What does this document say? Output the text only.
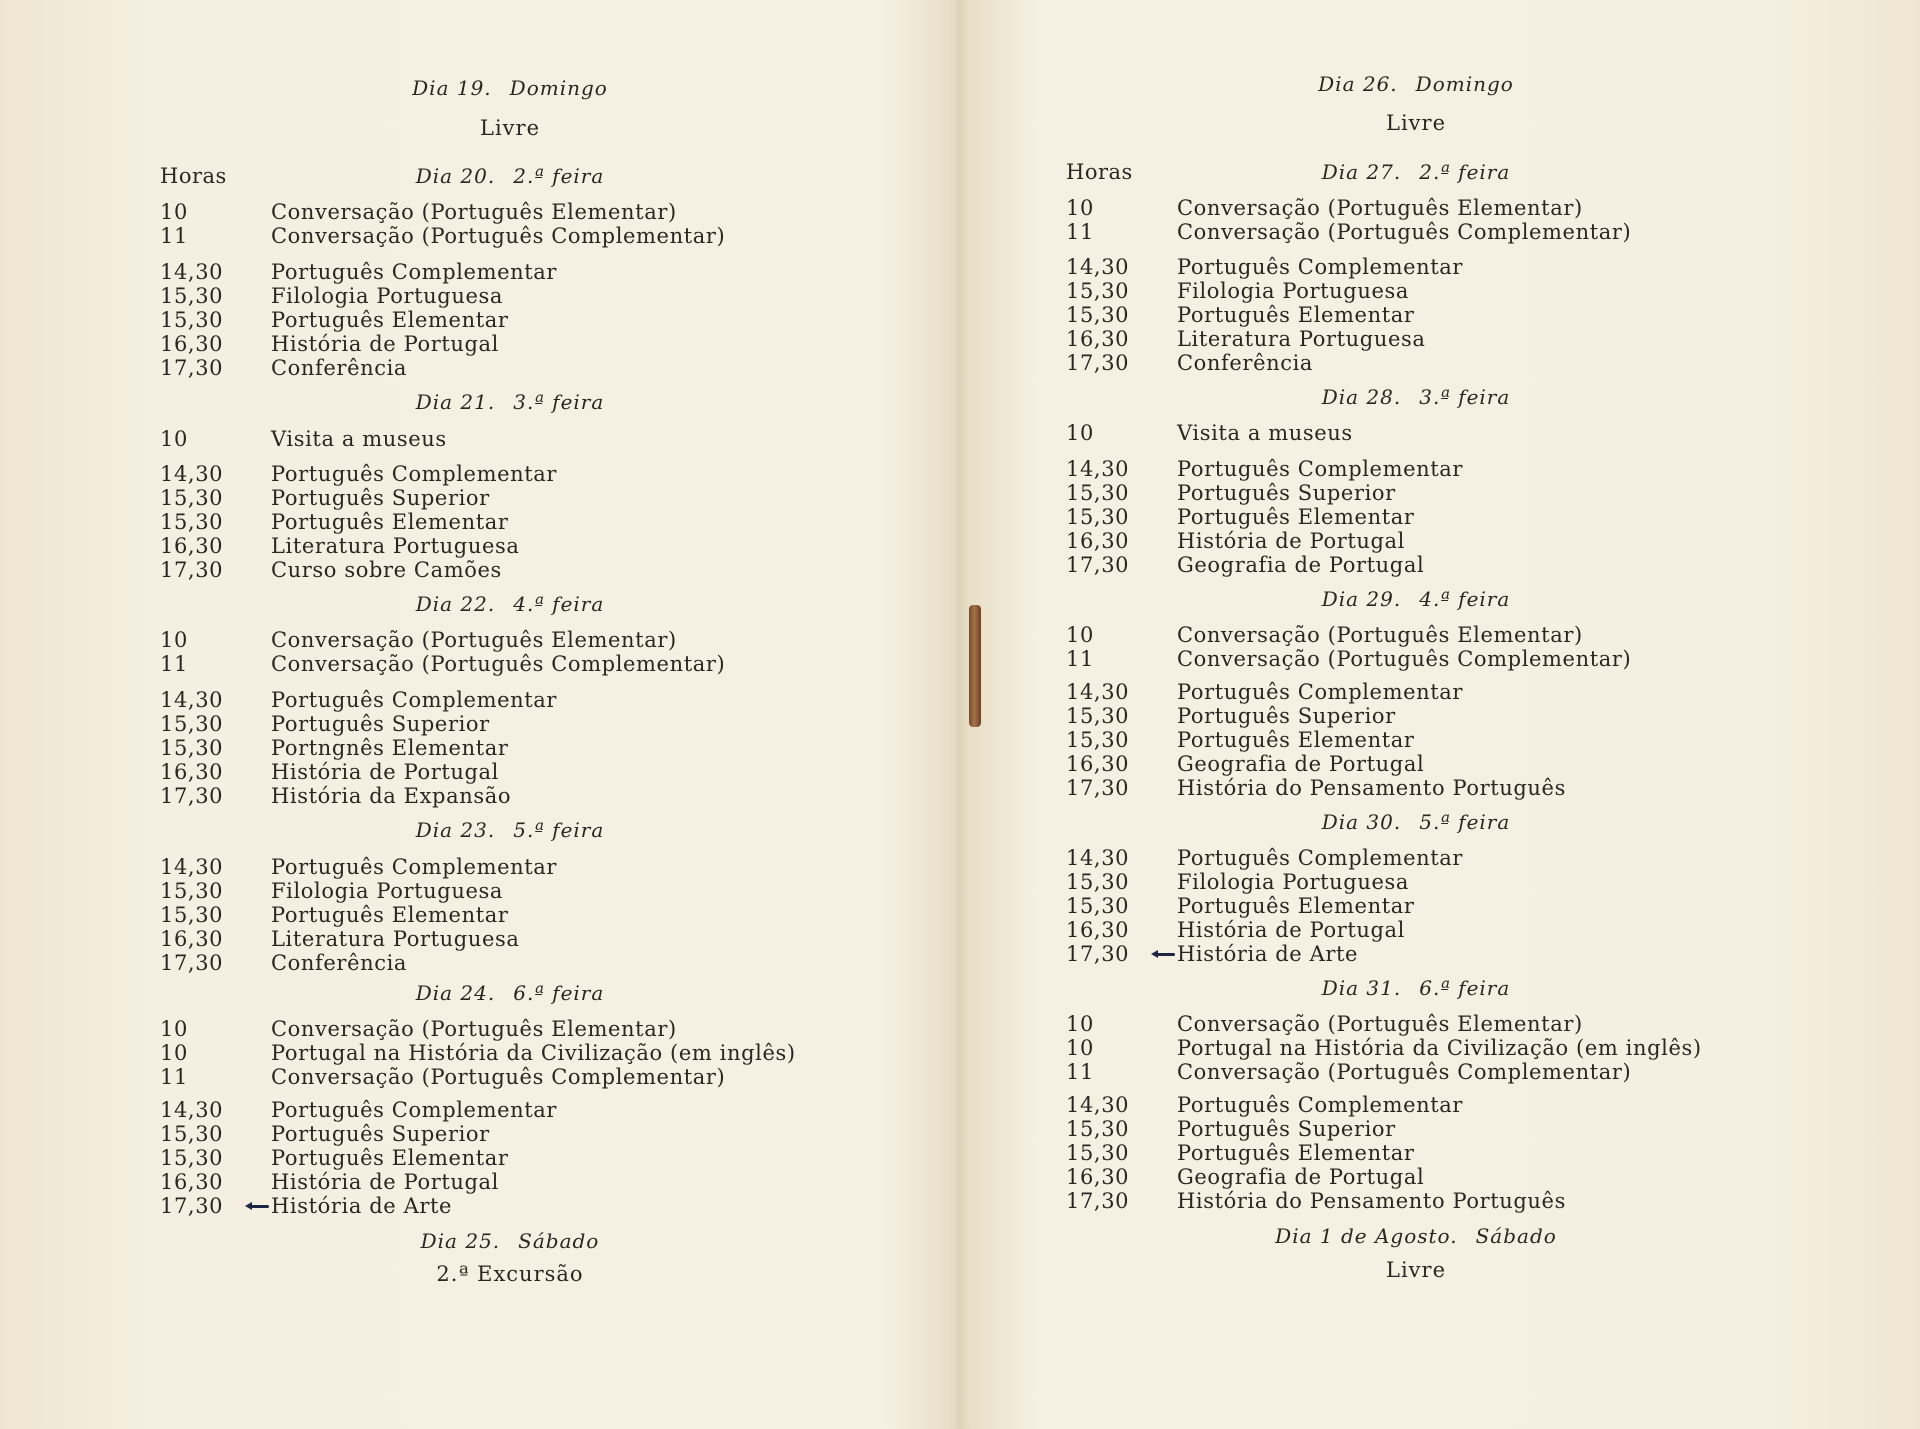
Dia 19. Domingo
Livre
Horas	Dia 20. 2.ª feira
10	Conversação (Português Elementar)
11	Conversação (Português Complementar)
14,30	Português Complementar
15,30	Filologia Portuguesa
15,30	Português Elementar
16,30	História de Portugal
17,30	Conferência
Dia 21. 3.ª feira
10	Visita a museus
14,30	Português Complementar
15,30	Português Superior
15,30	Português Elementar
16,30	Literatura Portuguesa
17,30	Curso sobre Camões
Dia 22. 4.ª feira
10	Conversação (Português Elementar)
11	Conversação (Português Complementar)
14,30	Português Complementar
15,30	Português Superior
15,30	Portngnês Elementar
16,30	História de Portugal
17,30	História da Expansão
Dia 23. 5.ª feira
14,30	Português Complementar
15,30	Filologia Portuguesa
15,30	Português Elementar
16,30	Literatura Portuguesa
17,30	Conferência
Dia 24. 6.ª feira
10	Conversação (Português Elementar)
10	Portugal na História da Civilização (em inglês)
11	Conversação (Português Complementar)
14,30	Português Complementar
15,30	Português Superior
15,30	Português Elementar
16,30	História de Portugal
17,30	História de Arte
Dia 25. Sábado
2.ª Excursão
Dia 26. Domingo
Livre
Horas	Dia 27. 2.ª feira
10	Conversação (Português Elementar)
11	Conversação (Português Complementar)
14,30	Português Complementar
15,30	Filologia Portuguesa
15,30	Português Elementar
16,30	Literatura Portuguesa
17,30	Conferência
Dia 28. 3.ª feira
10	Visita a museus
14,30	Português Complementar
15,30	Português Superior
15,30	Português Elementar
16,30	História de Portugal
17,30	Geografia de Portugal
Dia 29. 4.ª feira
10	Conversação (Português Elementar)
11	Conversação (Português Complementar)
14,30	Português Complementar
15,30	Português Superior
15,30	Português Elementar
16,30	Geografia de Portugal
17,30	História do Pensamento Português
Dia 30. 5.ª feira
14,30	Português Complementar
15,30	Filologia Portuguesa
15,30	Português Elementar
16,30	História de Portugal
17,30	História de Arte
Dia 31. 6.ª feira
10	Conversação (Português Elementar)
10	Portugal na História da Civilização (em inglês)
11	Conversação (Português Complementar)
14,30	Português Complementar
15,30	Português Superior
15,30	Português Elementar
16,30	Geografia de Portugal
17,30	História do Pensamento Português
Dia 1 de Agosto. Sábado
Livre
